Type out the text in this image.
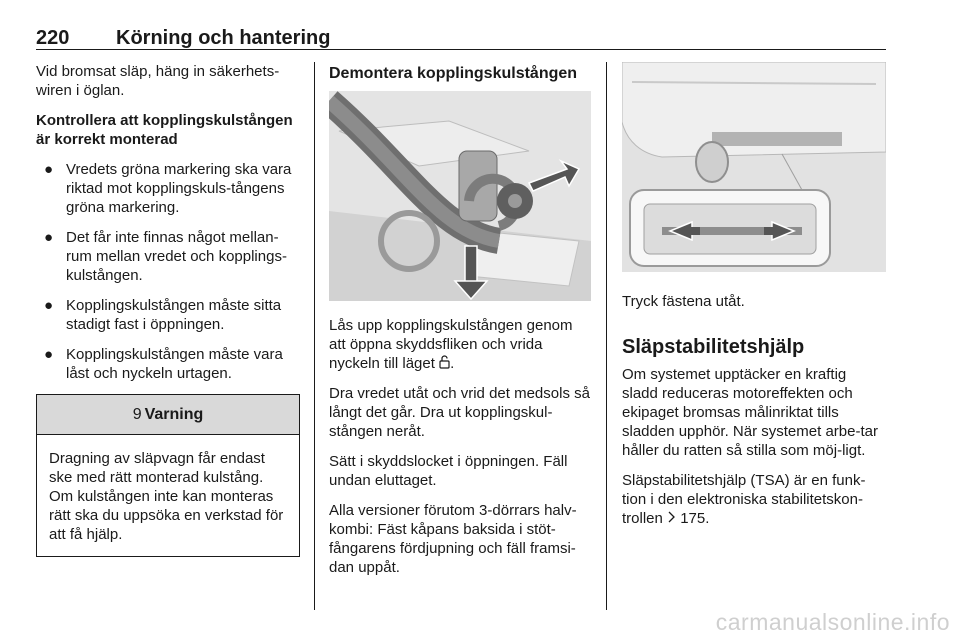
220 Körning och hantering

Vid bromsat släp, häng in säkerhets-wiren i öglan.

Kontrollera att kopplingskulstången är korrekt monterad

● Vredets gröna markering ska vara riktad mot kopplingskuls-tångens gröna markering.
● Det får inte finnas något mellan-rum mellan vredet och kopplings-kulstången.
● Kopplingskulstången måste sitta stadigt fast i öppningen.
● Kopplingskulstången måste vara låst och nyckeln urtagen.
9 Varning
Dragning av släpvagn får endast ske med rätt monterad kulstång. Om kulstången inte kan monteras rätt ska du uppsöka en verkstad för att få hjälp.
Demontera kopplingskulstången

Lås upp kopplingskulstången genom att öppna skyddsfliken och vrida nyckeln till läget .

Dra vredet utåt och vrid det medsols så långt det går. Dra ut kopplingskul-stången neråt.

Sätt i skyddslocket i öppningen. Fäll undan eluttaget.

Alla versioner förutom 3-dörrars halv-kombi: Fäst kåpans baksida i stöt-fångarens fördjupning och fäll framsi-dan uppåt.

Tryck fästena utåt.

Släpstabilitetshjälp

Om systemet upptäcker en kraftig sladd reduceras motoreffekten och ekipaget bromsas målinriktat tills sladden upphör. När systemet arbe-tar håller du ratten så stilla som möj-ligt.

Släpstabilitetshjälp (TSA) är en funk-tion i den elektroniska stabilitetskon-trollen 175.

carmanualsonline.info
